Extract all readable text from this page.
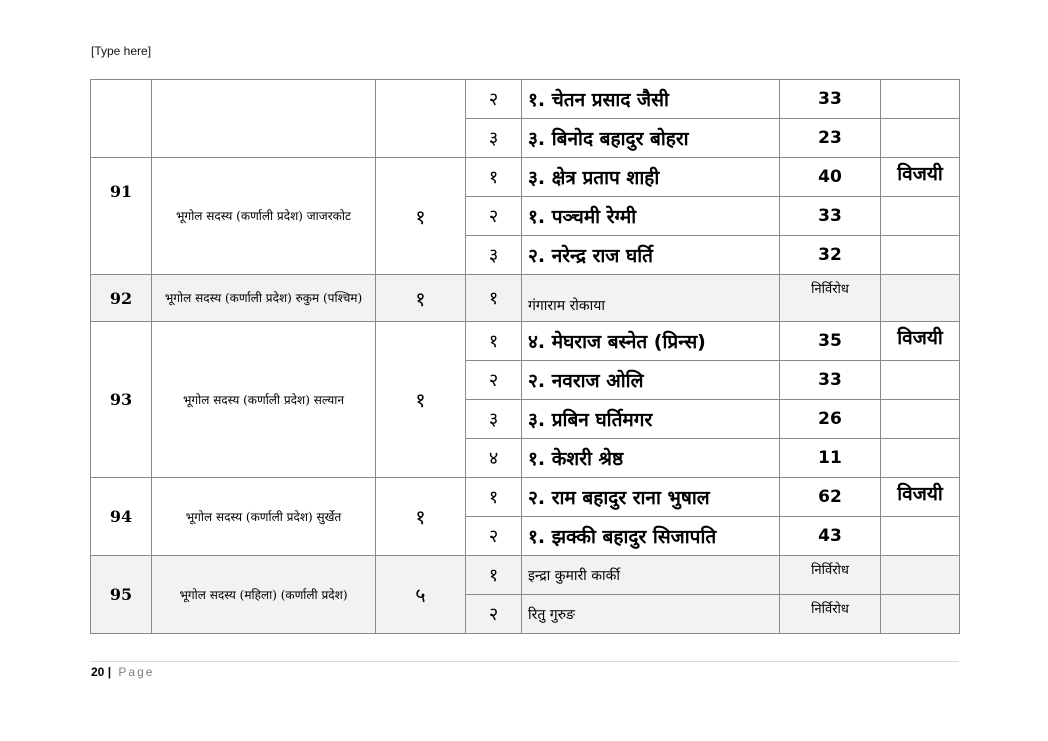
[Type here]
			२	१. चेतन प्रसाद जैसी	33	
			३	३. बिनोद बहादुर बोहरा	23	
91	भूगोल सदस्य (कर्णाली प्रदेश) जाजरकोट	१	१	३. क्षेत्र प्रताप शाही	40	विजयी
			२	१. पञ्चमी रेग्मी	33	
			३	२. नरेन्द्र राज घर्ति	32	
92	भूगोल सदस्य (कर्णाली प्रदेश) रुकुम (पश्चिम)	१	१	गंगाराम रोकाया	निर्विरोध	
93	भूगोल सदस्य (कर्णाली प्रदेश) सल्यान	१	१	४. मेघराज बस्नेत (प्रिन्स)	35	विजयी
			२	२. नवराज ओलि	33	
			३	३. प्रबिन घर्तिमगर	26	
			४	१. केशरी श्रेष्ठ	11	
94	भूगोल सदस्य (कर्णाली प्रदेश) सुर्खेत	१	१	२. राम बहादुर राना भुषाल	62	विजयी
			२	१. झक्की बहादुर सिजापति	43	
95	भूगोल सदस्य (महिला) (कर्णाली प्रदेश)	५	१	इन्द्रा कुमारी कार्की	निर्विरोध	
			२	रितु गुरुङ	निर्विरोध	
20 | Page
